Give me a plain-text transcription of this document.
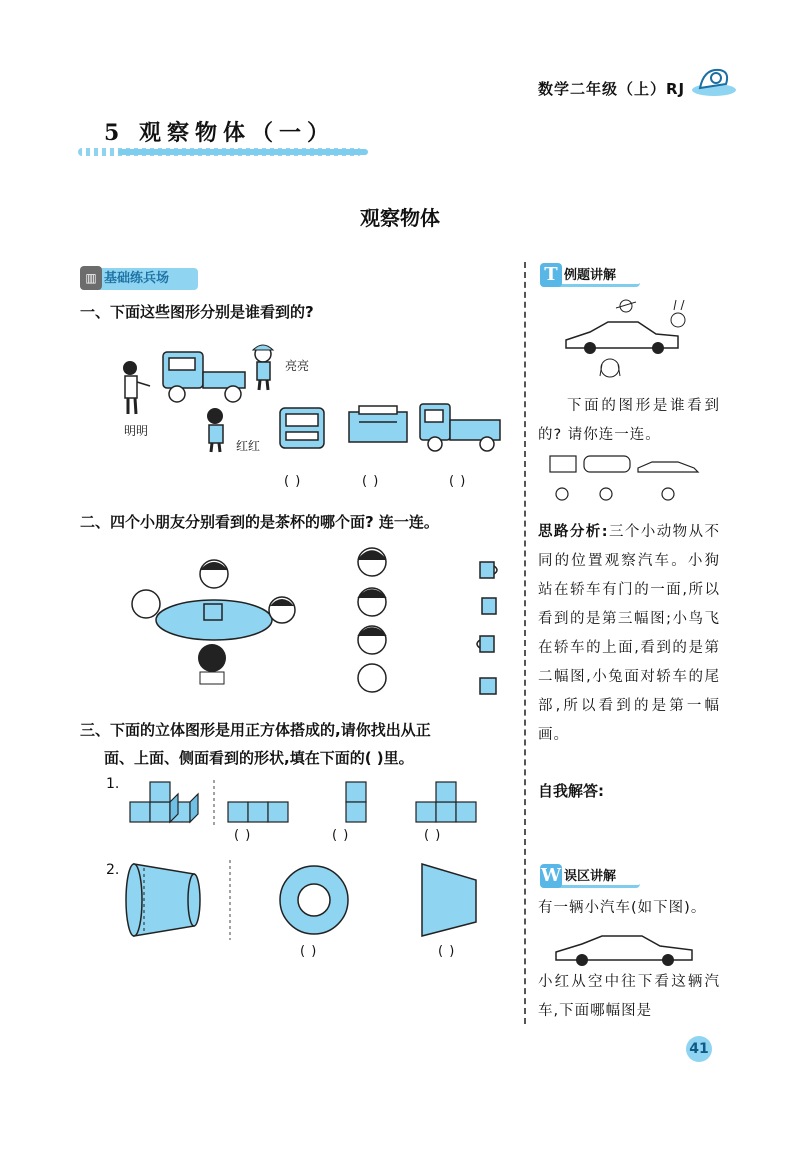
数学二年级（上）RJ
5 观察物体（一）
观察物体
▥ 基础练兵场
一、下面这些图形分别是谁看到的?
明明
红红
亮亮
( )	( )	( )
二、四个小朋友分别看到的是茶杯的哪个面? 连一连。
三、下面的立体图形是用正方体搭成的,请你找出从正
面、上面、侧面看到的形状,填在下面的( )里。
1.
( )	( )	( )
2.
( )	( )
T 例题讲解
下面的图形是谁看到的? 请你连一连。
思路分析:三个小动物从不同的位置观察汽车。小狗站在轿车有门的一面,所以看到的是第三幅图;小鸟飞在轿车的上面,看到的是第二幅图,小兔面对轿车的尾部,所以看到的是第一幅画。
自我解答:
W 误区讲解
有一辆小汽车(如下图)。
小红从空中往下看这辆汽车,下面哪幅图是
41
